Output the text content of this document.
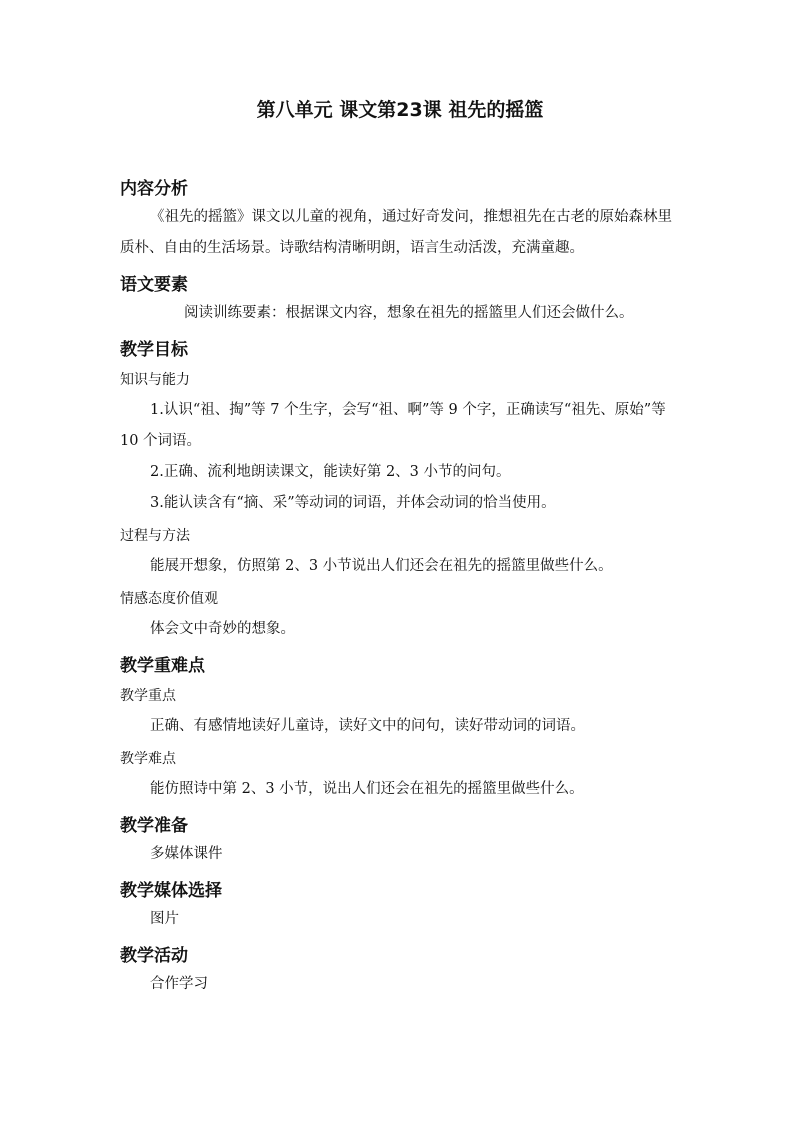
第八单元 课文第23课 祖先的摇篮
内容分析

《祖先的摇篮》课文以儿童的视角，通过好奇发问，推想祖先在古老的原始森林里质朴、自由的生活场景。诗歌结构清晰明朗，语言生动活泼，充满童趣。

语文要素

阅读训练要素：根据课文内容，想象在祖先的摇篮里人们还会做什么。

教学目标
知识与能力

1.认识“祖、掏”等 7 个生字，会写“祖、啊”等 9 个字，正确读写“祖先、原始”等 10 个词语。

2.正确、流利地朗读课文，能读好第 2、3 小节的问句。

3.能认读含有“摘、采”等动词的词语，并体会动词的恰当使用。

过程与方法

能展开想象，仿照第 2、3 小节说出人们还会在祖先的摇篮里做些什么。

情感态度价值观

体会文中奇妙的想象。

教学重难点
教学重点

正确、有感情地读好儿童诗，读好文中的问句，读好带动词的词语。

教学难点

能仿照诗中第 2、3 小节，说出人们还会在祖先的摇篮里做些什么。

教学准备

多媒体课件

教学媒体选择

图片

教学活动

合作学习
